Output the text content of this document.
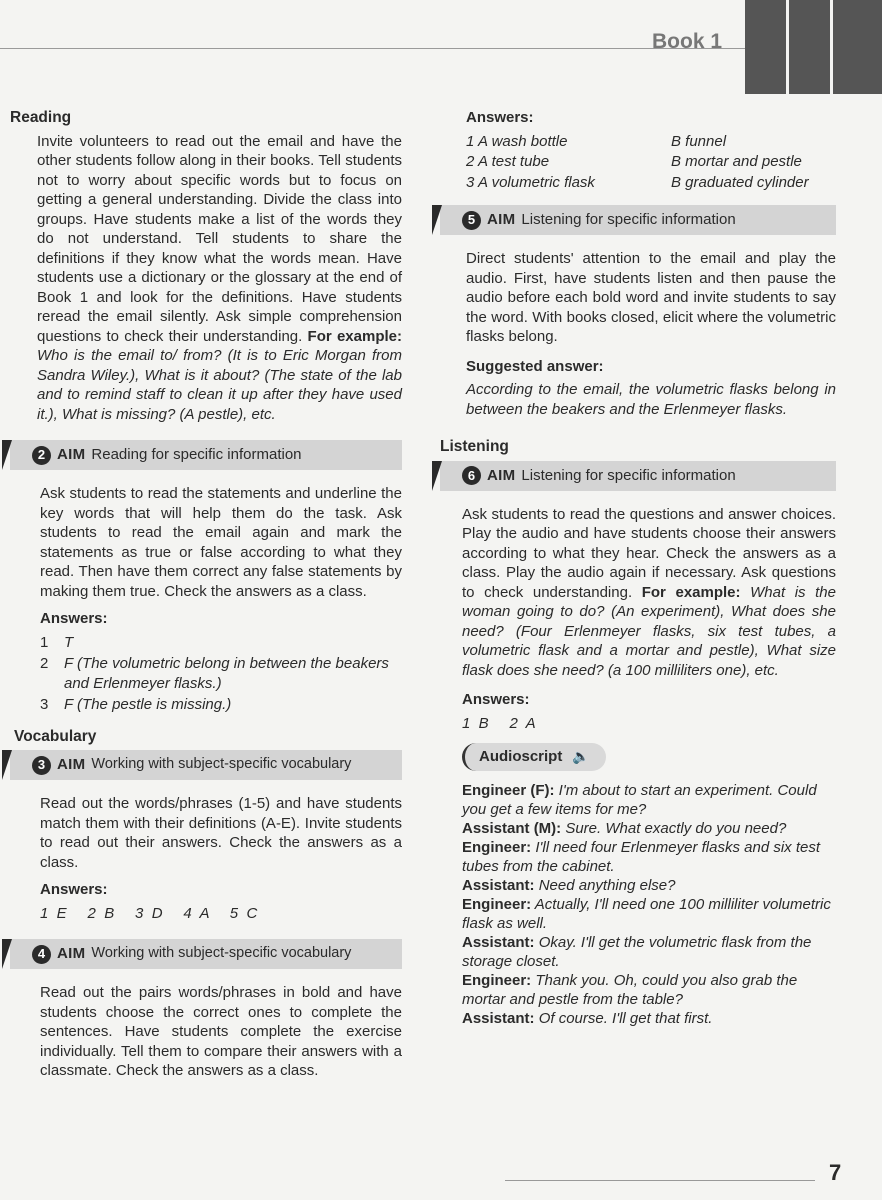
Book 1
Reading

Invite volunteers to read out the email and have the other students follow along in their books. Tell students not to worry about specific words but to focus on getting a general understanding. Divide the class into groups. Have students make a list of the words they do not understand. Tell students to share the definitions if they know what the words mean. Have students use a dictionary or the glossary at the end of Book 1 and look for the definitions. Have students reread the email silently. Ask simple comprehension questions to check their understanding. For example: Who is the email to/ from? (It is to Eric Morgan from Sandra Wiley.), What is it about? (The state of the lab and to remind staff to clean it up after they have used it.), What is missing? (A pestle), etc.

2 AIM Reading for specific information

Ask students to read the statements and underline the key words that will help them do the task. Ask students to read the email again and mark the statements as true or false according to what they read. Then have them correct any false statements by making them true. Check the answers as a class.

Answers:
1 T
2	F (The volumetric belong in between the beakers and Erlenmeyer flasks.)
3 F (The pestle is missing.)
Vocabulary
3 AIM Working with subject-specific vocabulary

Read out the words/phrases (1-5) and have students match them with their definitions (A-E). Invite students to read out their answers. Check the answers as a class.

Answers:
1  E     2  B     3  D     4  A     5  C
4 AIM Working with subject-specific vocabulary

Read out the pairs words/phrases in bold and have students choose the correct ones to complete the sentences. Have students complete the exercise individually. Tell them to compare their answers with a classmate. Check the answers as a class.

Answers:
1 A wash bottle	B funnel
2 A test tube	B mortar and pestle
3 A volumetric flask	B graduated cylinder
5 AIM Listening for specific information

Direct students' attention to the email and play the audio. First, have students listen and then pause the audio before each bold word and invite students to say the word. With books closed, elicit where the volumetric flasks belong.

Suggested answer:

According to the email, the volumetric flasks belong in between the beakers and the Erlenmeyer flasks.

Listening
6 AIM Listening for specific information

Ask students to read the questions and answer choices. Play the audio and have students choose their answers according to what they hear. Check the answers as a class. Play the audio again if necessary. Ask questions to check understanding. For example: What is the woman going to do? (An experiment), What does she need? (Four Erlenmeyer flasks, six test tubes, a volumetric flask and a mortar and pestle), What size flask does she need? (a 100 milliliters one), etc.

Answers:
1  B     2  A
Audioscript 🔈

Engineer (F): I'm about to start an experiment. Could you get a few items for me?

Assistant (M): Sure. What exactly do you need?

Engineer: I'll need four Erlenmeyer flasks and six test tubes from the cabinet.

Assistant: Need anything else?

Engineer: Actually, I'll need one 100 milliliter volumetric flask as well.

Assistant: Okay. I'll get the volumetric flask from the storage closet.

Engineer: Thank you. Oh, could you also grab the mortar and pestle from the table?

Assistant: Of course. I'll get that first.

7
